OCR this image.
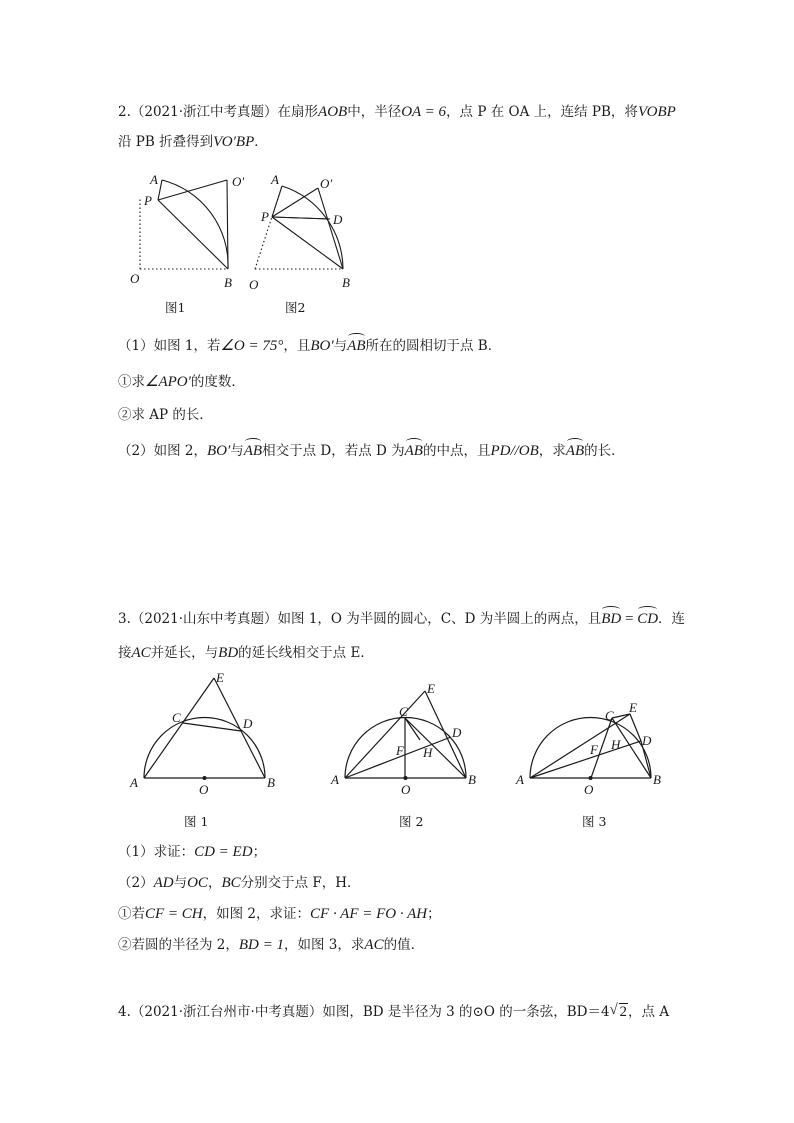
2.（2021·浙江中考真题）在扇形AOB中，半径OA = 6，点 P 在 OA 上，连结 PB，将VOBP
沿 PB 折叠得到VO′BP．
A
P
O′
O	B
图1
A	O′
P	D
O	B
图2
（1）如图 1，若∠O = 75°，且BO′与AB所在的圆相切于点 B．
①求∠APO′的度数．
②求 AP 的长．
（2）如图 2，BO′与AB相交于点 D，若点 D 为AB的中点，且PD//OB，求AB的长．
3.（2021·山东中考真题）如图 1，O 为半圆的圆心，C、D 为半圆上的两点，且BD = CD．连
接AC并延长，与BD的延长线相交于点 E．
E
C	D
A	O	B
图 1
E
C
D
F H
A
O
B
图 2
E
C
D
F H
A
O
B
图 3
（1）求证：CD = ED；
（2）AD与OC，BC分别交于点 F，H．
①若CF = CH，如图 2，求证：CF · AF = FO · AH；
②若圆的半径为 2，BD = 1，如图 3，求AC的值．
4.（2021·浙江台州市·中考真题）如图，BD 是半径为 3 的⊙O 的一条弦，BD＝4 √ 2，点 A
